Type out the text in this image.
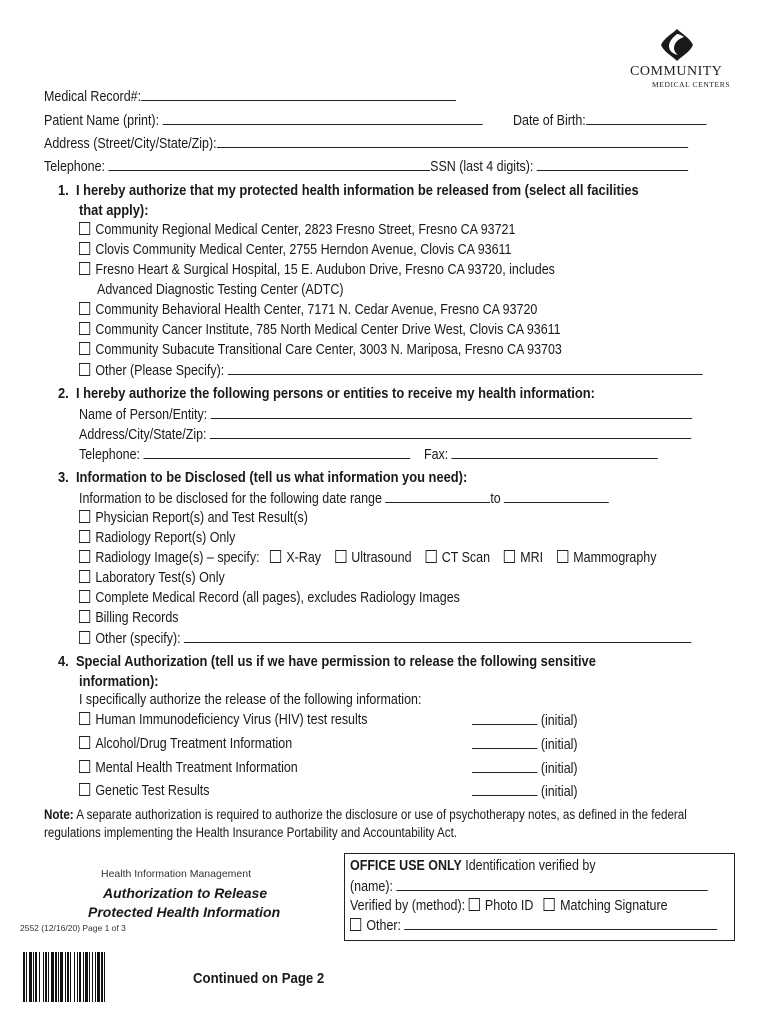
COMMUNITY
MEDICAL CENTERS
Medical Record#:
Patient Name (print):	Date of Birth:
Address (Street/City/State/Zip):
Telephone:	SSN (last 4 digits):
1. I hereby authorize that my protected health information be released from (select all facilities
that apply):
Community Regional Medical Center, 2823 Fresno Street, Fresno CA 93721
Clovis Community Medical Center, 2755 Herndon Avenue, Clovis CA 93611
Fresno Heart & Surgical Hospital, 15 E. Audubon Drive, Fresno CA 93720, includes
Advanced Diagnostic Testing Center (ADTC)
Community Behavioral Health Center, 7171 N. Cedar Avenue, Fresno CA 93720
Community Cancer Institute, 785 North Medical Center Drive West, Clovis CA 93611
Community Subacute Transitional Care Center, 3003 N. Mariposa, Fresno CA 93703
Other (Please Specify):
2. I hereby authorize the following persons or entities to receive my health information:
Name of Person/Entity:
Address/City/State/Zip:
Telephone:	Fax:
3. Information to be Disclosed (tell us what information you need):
Information to be disclosed for the following date range	to
Physician Report(s) and Test Result(s)
Radiology Report(s) Only
Radiology Image(s) – specify: X-Ray Ultrasound CT Scan MRI Mammography
Laboratory Test(s) Only
Complete Medical Record (all pages), excludes Radiology Images
Billing Records
Other (specify):
4. Special Authorization (tell us if we have permission to release the following sensitive
information):
I specifically authorize the release of the following information:
Human Immunodeficiency Virus (HIV) test results	(initial)
Alcohol/Drug Treatment Information	(initial)
Mental Health Treatment Information	(initial)
Genetic Test Results	(initial)
Note: A separate authorization is required to authorize the disclosure or use of psychotherapy notes, as defined in the federal
regulations implementing the Health Insurance Portability and Accountability Act.
Health Information Management
Authorization to Release
Protected Health Information
2552 (12/16/20) Page 1 of 3
Continued on Page 2
OFFICE USE ONLY Identification verified by
(name):
Verified by (method): Photo ID Matching Signature
Other:
